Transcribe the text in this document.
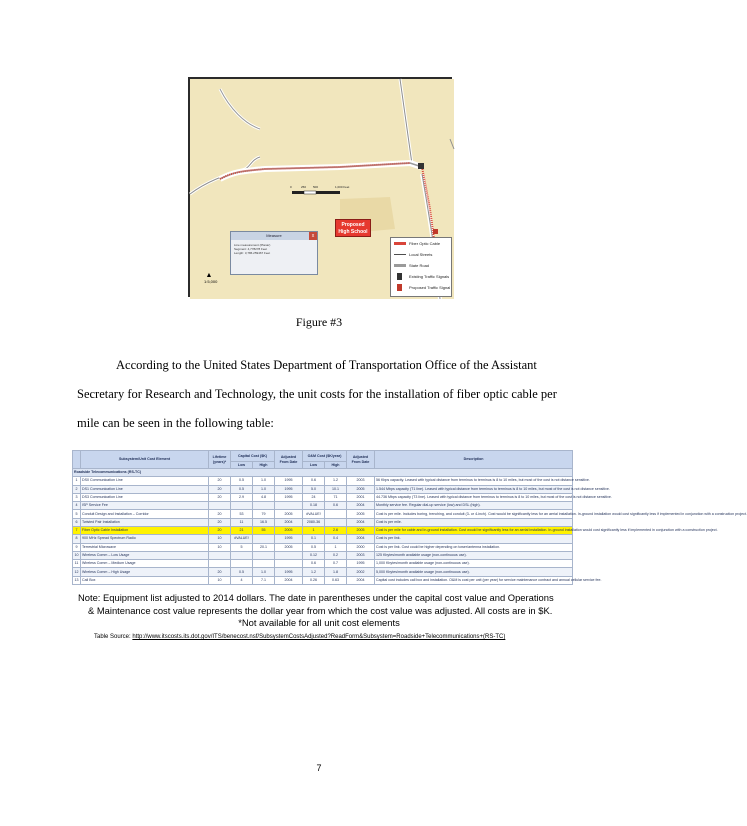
0	250 500	1,000 Feet
Measure	x
Line measurement (Planar)
Segment: 4,778278 Feet
Length: 3,786.259467 Feet
Proposed
High School
Fiber Optic Cable
Local Streets
State Road
Existing Traffic Signals
Proposed Traffic Signal
▲
1:5,000
Figure #3
According to the United States Department of Transportation Office of the Assistant
Secretary for Research and Technology, the unit costs for the installation of fiber optic cable per
mile can be seen in the following table:
	Subsystem/Unit Cost Element	Lifetime (years)*	Capital Cost ($K)		Adjusted From Date	O&M Cost ($K/year)		Adjusted From Date	Description
			Low	High		Low	High		
Roadside Telecommunications (RS-TC)									
1	DS0 Communication Line	20	0.5	1.0	1995	0.6	1.2	2003	56 Kbps capacity. Leased with typical distance from terminus to terminus is 8 to 10 miles, but most of the cost is not distance sensitive.
2	DS1 Communication Line	20	0.5	1.0	1995	5.0	10.1	2005	1.544 Mbps capacity (T1 line). Leased with typical distance from terminus to terminus is 8 to 10 miles, but most of the cost is not distance sensitive.
3	DS3 Communication Line	20	2.9	4.8	1995	24	71	2001	44.736 Mbps capacity (T3 line). Leased with typical distance from terminus to terminus is 8 to 10 miles, but most of the cost is not distance sensitive.
4	ISP Service Fee					0.18	0.6	2004	Monthly service fee. Regular dial-up service (low) and DSL (high).
5	Conduit Design and Installation – Corridor	20	53	79	2005	#VALUE!		2005	Cost is per mile. Includes boring, trenching, and conduit (3- or 4-inch). Cost would be significantly less for an aerial installation. In-ground installation would cost significantly less if implemented in conjunction with a construction project.
6	Twisted Pair Installation	20	11	16.5	2004	2080-36		2004	Cost is per mile.
7	Fiber Optic Cable Installation	20	21	55	2005	1	2.6	2005	Cost is per mile for cable and in-ground installation. Cost would be significantly less for an aerial installation. In-ground installation would cost significantly less if implemented in conjunction with a construction project.
8	900 MHz Spread Spectrum Radio	10	#VALUE!		1995	0.1	0.4	2004	Cost is per link.
9	Terrestrial Microwave	10	5	20.1	2005	0.5	1	2000	Cost is per link. Cost could be higher depending on tower/antenna installation.
10	Wireless Comm – Low Usage					0.12	0.2	2003	125 Kbytes/month available usage (non-continuous use).
11	Wireless Comm – Medium Usage					0.6	0.7	1995	1,000 Kbytes/month available usage (non-continuous use).
12	Wireless Comm – High Usage	20	0.5	1.0	1995	1.2	1.8	2002	5,000 Kbytes/month available usage (non-continuous use).
13	Call Box	10	4	7.1	2004	0.26	0.63	2004	Capital cost includes call box and installation. O&M is cost per unit (per year) for service maintenance contract and annual cellular service fee.
Note: Equipment list adjusted to 2014 dollars. The date in parentheses under the capital cost value and Operations
& Maintenance cost value represents the dollar year from which the cost value was adjusted. All costs are in $K.
*Not available for all unit cost elements
Table Source: http://www.itscosts.its.dot.gov/ITS/benecost.nsf/SubsystemCostsAdjusted?ReadForm&Subsystem=Roadside+Telecommunications+(RS-TC)
7
